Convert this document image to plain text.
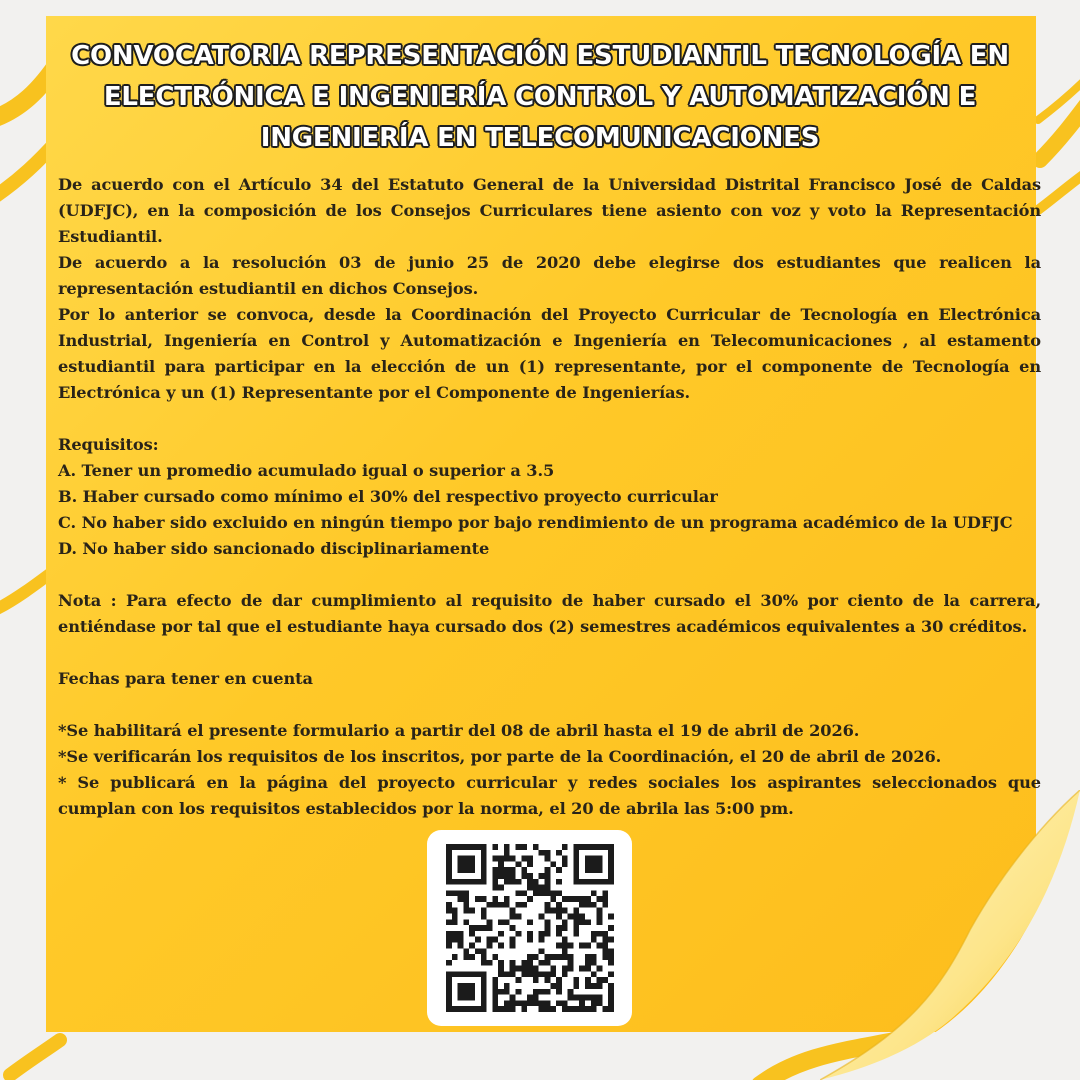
CONVOCATORIA REPRESENTACIÓN ESTUDIANTIL TECNOLOGÍA EN
ELECTRÓNICA E INGENIERÍA CONTROL Y AUTOMATIZACIÓN E
INGENIERÍA EN TELECOMUNICACIONES

De acuerdo con el Artículo 34 del Estatuto General de la Universidad Distrital Francisco José de Caldas (UDFJC), en la composición de los Consejos Curriculares tiene asiento con voz y voto la Representación Estudiantil.

De acuerdo a la resolución 03 de junio 25 de 2020 debe elegirse dos estudiantes que realicen la representación estudiantil en dichos Consejos.

Por lo anterior se convoca, desde la Coordinación del Proyecto Curricular de Tecnología en Electrónica Industrial, Ingeniería en Control y Automatización e Ingeniería en Telecomunicaciones , al estamento estudiantil para participar en la elección de un (1) representante, por el componente de Tecnología en Electrónica y un (1) Representante por el Componente de Ingenierías.

Requisitos:

A. Tener un promedio acumulado igual o superior a 3.5

B. Haber cursado como mínimo el 30% del respectivo proyecto curricular

C. No haber sido excluido en ningún tiempo por bajo rendimiento de un programa académico de la UDFJC

D. No haber sido sancionado disciplinariamente

Nota : Para efecto de dar cumplimiento al requisito de haber cursado el 30% por ciento de la carrera, entiéndase por tal que el estudiante haya cursado dos (2) semestres académicos equivalentes a 30 créditos.

Fechas para tener en cuenta

*Se habilitará el presente formulario a partir del 08 de abril hasta el 19 de abril de 2026.

*Se verificarán los requisitos de los inscritos, por parte de la Coordinación, el 20 de abril de 2026.

* Se publicará en la página del proyecto curricular y redes sociales los aspirantes seleccionados que cumplan con los requisitos establecidos por la norma, el 20 de abrila las 5:00 pm.
